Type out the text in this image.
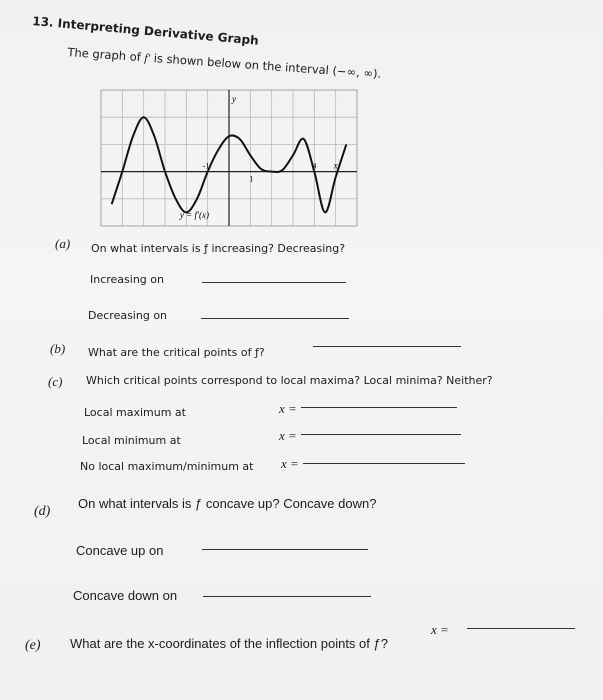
13. Interpreting Derivative Graph
The graph of f′ is shown below on the interval (−∞, ∞).
y
x
-1
1
4
y = f′(x)
(a) On what intervals is ƒ increasing? Decreasing?
Increasing on
Decreasing on
(b) What are the critical points of ƒ?
(c) Which critical points correspond to local maxima? Local minima? Neither?
Local maximum at	x =
Local minimum at	x =
No local maximum/minimum at x =
(d)
On what intervals is ƒ concave up? Concave down?
Concave up on
Concave down on
(e) What are the x-coordinates of the inflection points of ƒ?
x =
